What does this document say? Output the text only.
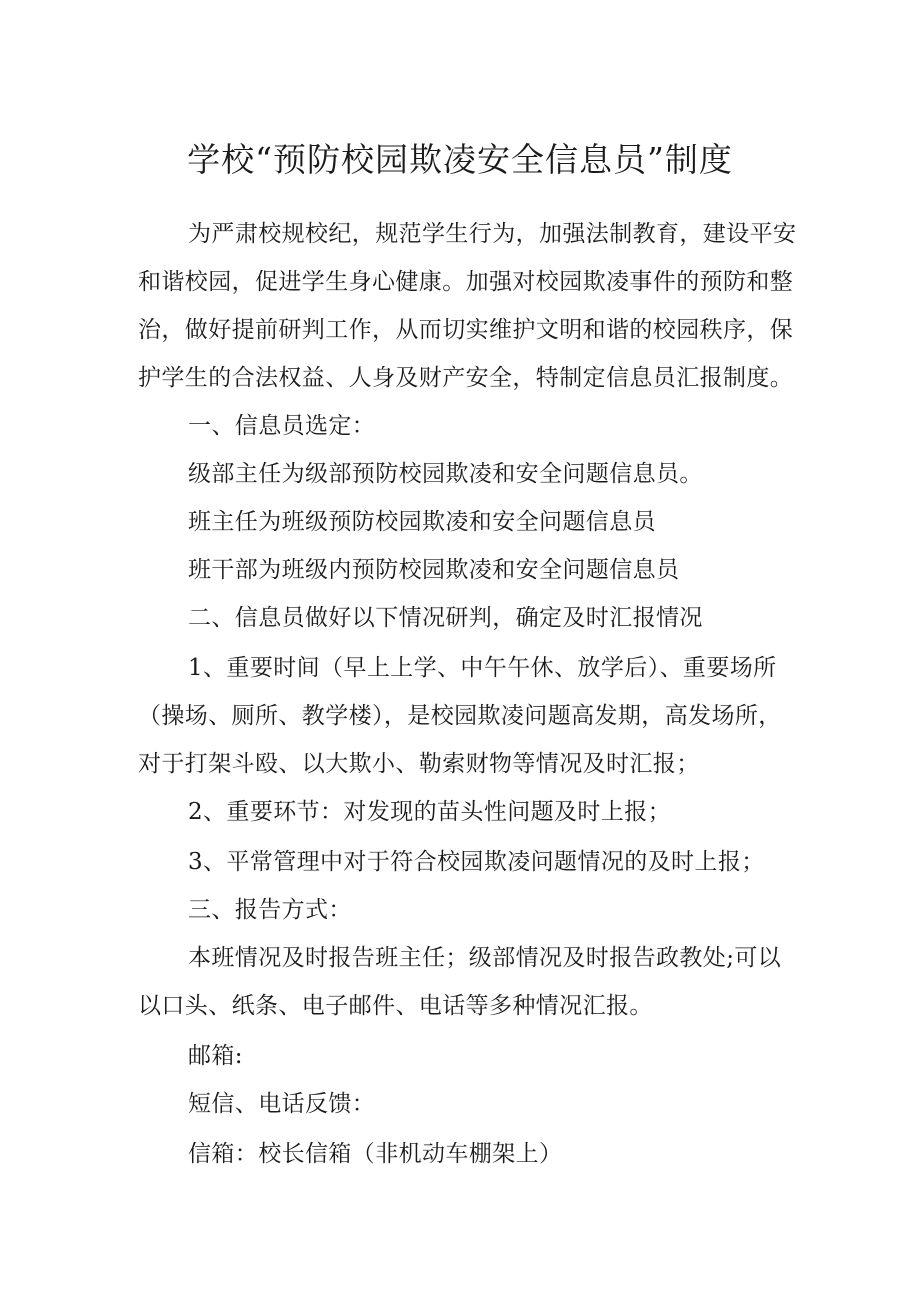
学校“预防校园欺凌安全信息员”制度
为严肃校规校纪，规范学生行为，加强法制教育，建设平安
和谐校园，促进学生身心健康。加强对校园欺凌事件的预防和整
治，做好提前研判工作，从而切实维护文明和谐的校园秩序，保
护学生的合法权益、人身及财产安全，特制定信息员汇报制度。
一、信息员选定：
级部主任为级部预防校园欺凌和安全问题信息员。
班主任为班级预防校园欺凌和安全问题信息员
班干部为班级内预防校园欺凌和安全问题信息员
二、信息员做好以下情况研判，确定及时汇报情况
1、重要时间（早上上学、中午午休、放学后）、重要场所
（操场、厕所、教学楼），是校园欺凌问题高发期，高发场所，
对于打架斗殴、以大欺小、勒索财物等情况及时汇报；
2、重要环节：对发现的苗头性问题及时上报；
3、平常管理中对于符合校园欺凌问题情况的及时上报；
三、报告方式：
本班情况及时报告班主任；级部情况及时报告政教处;可以
以口头、纸条、电子邮件、电话等多种情况汇报。
邮箱:
短信、电话反馈：
信箱：校长信箱（非机动车棚架上）
